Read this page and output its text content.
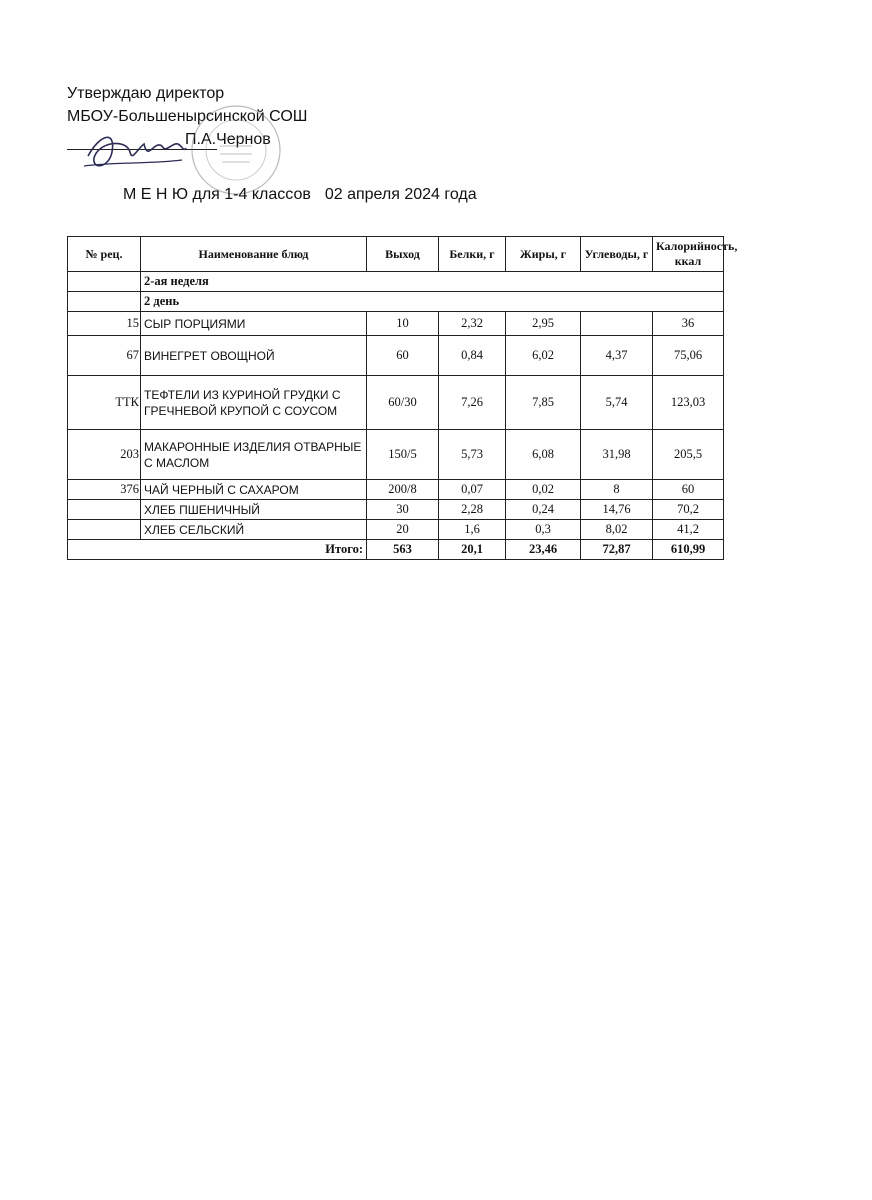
Утверждаю директор
МБОУ-Большенырсинской СОШ
П.А.Чернов
М Е Н Ю для 1-4 классов 02 апреля 2024 года
№ рец.	Наименование блюд	Выход	Белки, г	Жиры, г	Углеводы, г	Калорийность, ккал
	2-ая неделя					
	2 день					
15	СЫР ПОРЦИЯМИ	10	2,32	2,95		36
67	ВИНЕГРЕТ ОВОЩНОЙ	60	0,84	6,02	4,37	75,06
ТТК	ТЕФТЕЛИ ИЗ КУРИНОЙ ГРУДКИ С ГРЕЧНЕВОЙ КРУПОЙ С СОУСОМ	60/30	7,26	7,85	5,74	123,03
203	МАКАРОННЫЕ ИЗДЕЛИЯ ОТВАРНЫЕ С МАСЛОМ	150/5	5,73	6,08	31,98	205,5
376	ЧАЙ ЧЕРНЫЙ С САХАРОМ	200/8	0,07	0,02	8	60
	ХЛЕБ ПШЕНИЧНЫЙ	30	2,28	0,24	14,76	70,2
	ХЛЕБ СЕЛЬСКИЙ	20	1,6	0,3	8,02	41,2
Итого:		563	20,1	23,46	72,87	610,99
